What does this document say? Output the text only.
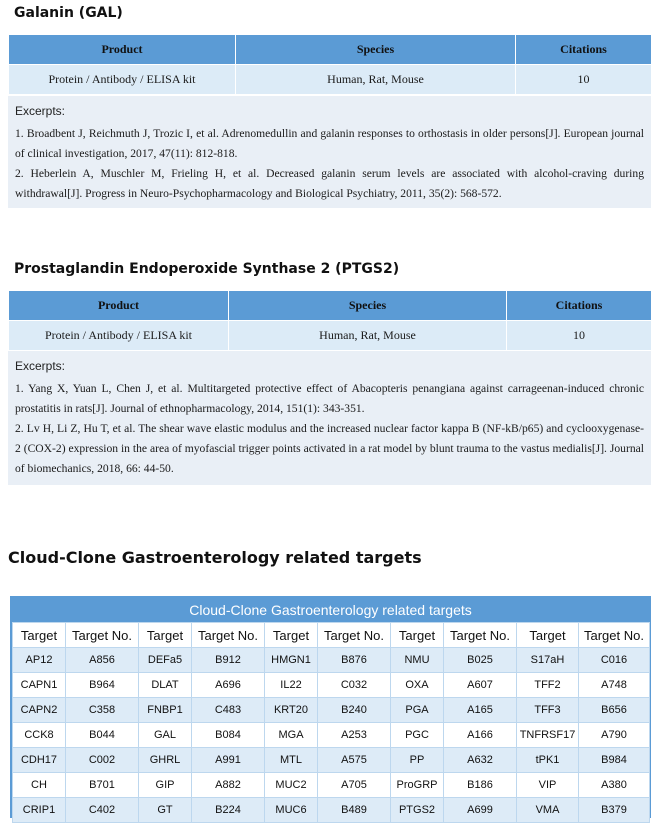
Galanin (GAL)
Product	Species	Citations
Protein / Antibody / ELISA kit	Human, Rat, Mouse	10
Excerpts:
1. Broadbent J, Reichmuth J, Trozic I, et al. Adrenomedullin and galanin responses to orthostasis in older persons[J]. European journal of clinical investigation, 2017, 47(11): 812-818.
2. Heberlein A, Muschler M, Frieling H, et al. Decreased galanin serum levels are associated with alcohol-craving during withdrawal[J]. Progress in Neuro-Psychopharmacology and Biological Psychiatry, 2011, 35(2): 568-572.
Prostaglandin Endoperoxide Synthase 2 (PTGS2)
Product	Species	Citations
Protein / Antibody / ELISA kit	Human, Rat, Mouse	10
Excerpts:
1. Yang X, Yuan L, Chen J, et al. Multitargeted protective effect of Abacopteris penangiana against carrageenan-induced chronic prostatitis in rats[J]. Journal of ethnopharmacology, 2014, 151(1): 343-351.
2. Lv H, Li Z, Hu T, et al. The shear wave elastic modulus and the increased nuclear factor kappa B (NF-kB/p65) and cyclooxygenase-2 (COX-2) expression in the area of myofascial trigger points activated in a rat model by blunt trauma to the vastus medialis[J]. Journal of biomechanics, 2018, 66: 44-50.
Cloud-Clone Gastroenterology related targets
Cloud-Clone Gastroenterology related targets
Target	Target No.	Target	Target No.	Target	Target No.	Target	Target No.	Target	Target No.
AP12	A856	DEFa5	B912	HMGN1	B876	NMU	B025	S17aH	C016
CAPN1	B964	DLAT	A696	IL22	C032	OXA	A607	TFF2	A748
CAPN2	C358	FNBP1	C483	KRT20	B240	PGA	A165	TFF3	B656
CCK8	B044	GAL	B084	MGA	A253	PGC	A166	TNFRSF17	A790
CDH17	C002	GHRL	A991	MTL	A575	PP	A632	tPK1	B984
CH	B701	GIP	A882	MUC2	A705	ProGRP	B186	VIP	A380
CRIP1	C402	GT	B224	MUC6	B489	PTGS2	A699	VMA	B379
